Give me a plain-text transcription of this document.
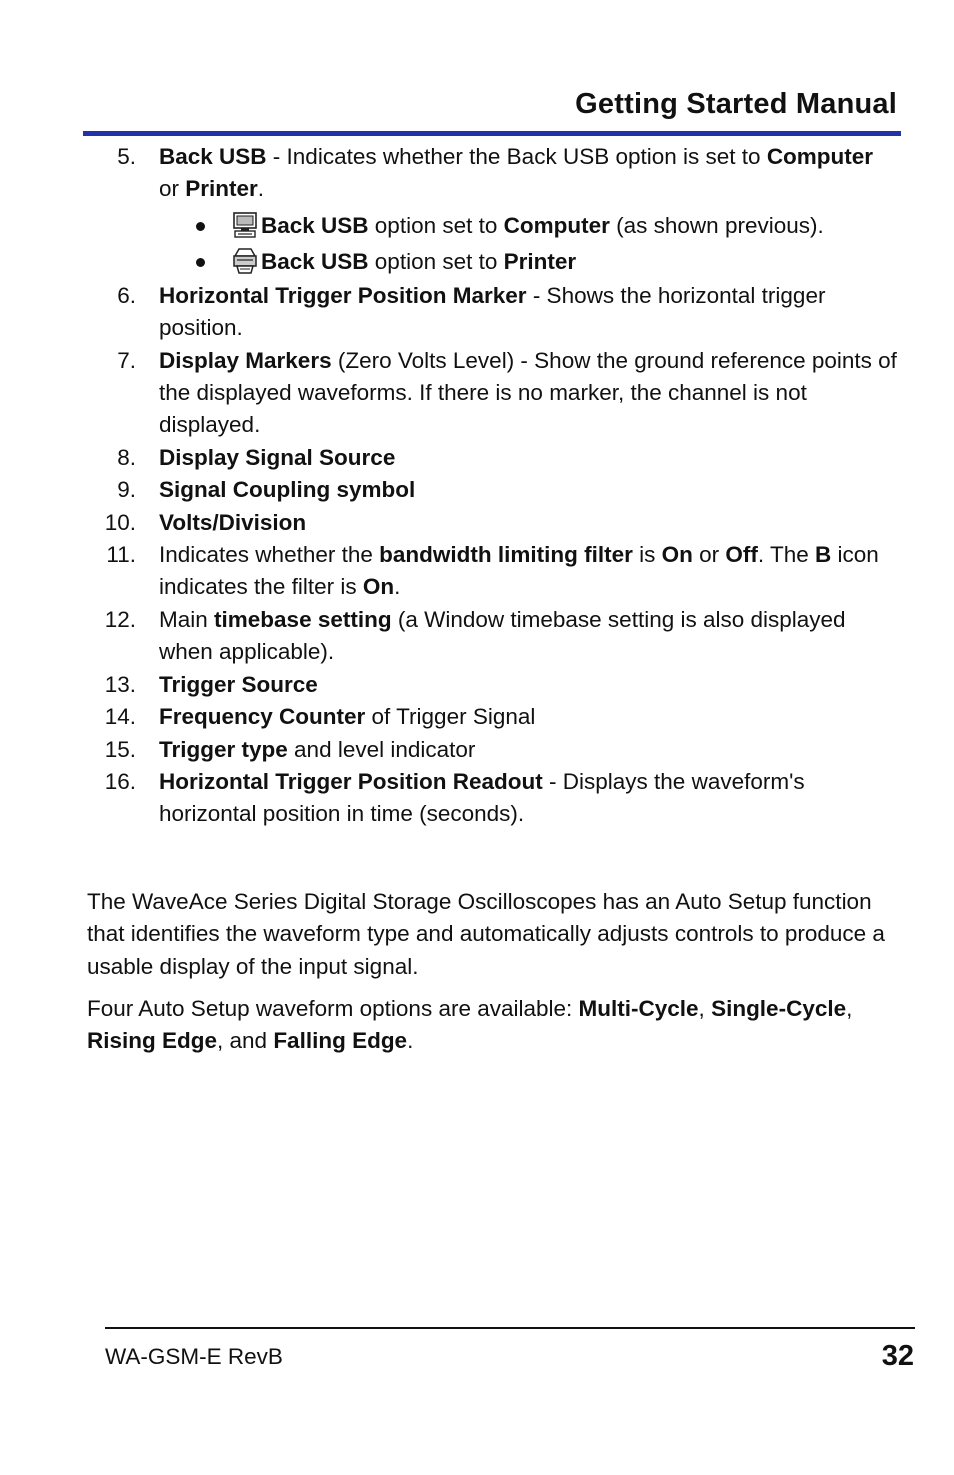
Getting Started Manual
5. Back USB - Indicates whether the Back USB option is set to Computer or Printer.
Back USB option set to Computer (as shown previous).
Back USB option set to Printer
6. Horizontal Trigger Position Marker - Shows the horizontal trigger position.
7. Display Markers (Zero Volts Level) - Show the ground reference points of the displayed waveforms. If there is no marker, the channel is not displayed.
8. Display Signal Source
9. Signal Coupling symbol
10. Volts/Division
11. Indicates whether the bandwidth limiting filter is On or Off. The B icon indicates the filter is On.
12. Main timebase setting (a Window timebase setting is also displayed when applicable).
13. Trigger Source
14. Frequency Counter of Trigger Signal
15. Trigger type and level indicator
16. Horizontal Trigger Position Readout - Displays the waveform's horizontal position in time (seconds).
The WaveAce Series Digital Storage Oscilloscopes has an Auto Setup function that identifies the waveform type and automatically adjusts controls to produce a usable display of the input signal.
Four Auto Setup waveform options are available: Multi-Cycle, Single-Cycle, Rising Edge, and Falling Edge.
WA-GSM-E RevB	32
